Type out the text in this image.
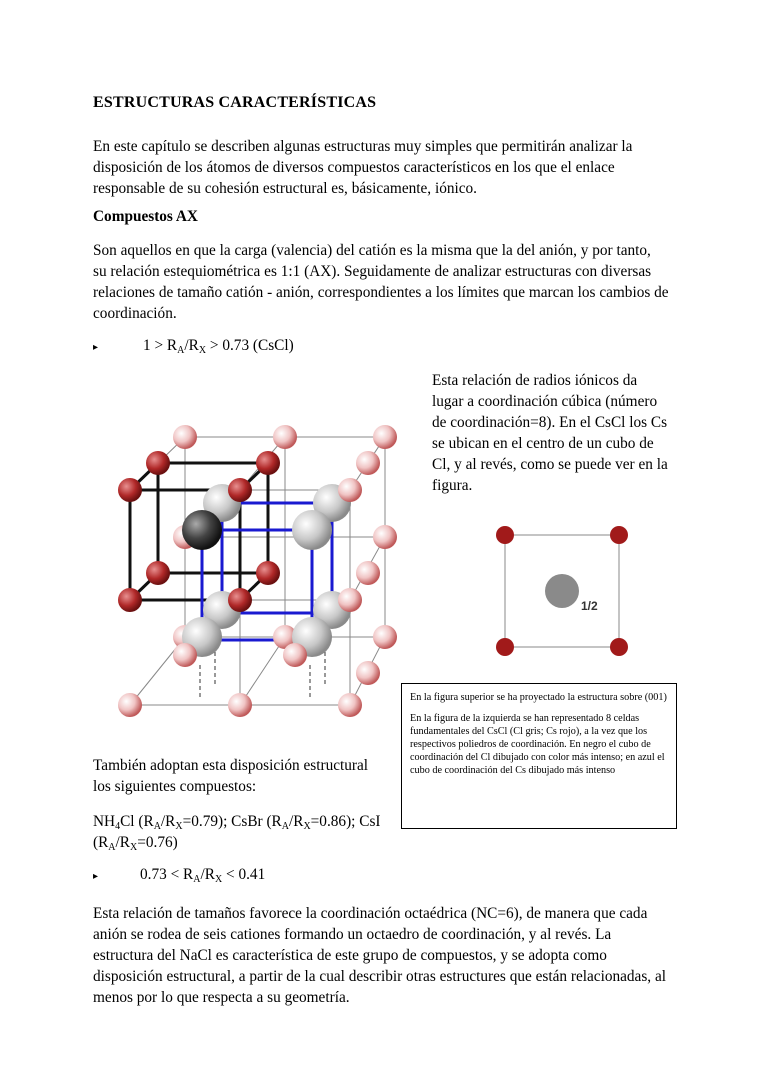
ESTRUCTURAS CARACTERÍSTICAS
En este capítulo se describen algunas estructuras muy simples que permitirán analizar la
disposición de los átomos de diversos compuestos característicos en los que el enlace
responsable de su cohesión estructural es, básicamente, iónico.
Compuestos AX
Son aquellos en que la carga (valencia) del catión es la misma que la del anión, y por tanto,
su relación estequiométrica es 1:1 (AX). Seguidamente de analizar estructuras con diversas
relaciones de tamaño catión - anión, correspondientes a los límites que marcan los cambios de
coordinación.
▸	$1 > R_A/R_X > 0.73$ (CsCl)
Esta relación de radios iónicos da
lugar a coordinación cúbica (número
de coordinación=8). En el CsCl los Cs
se ubican en el centro de un cubo de
Cl, y al revés, como se puede ver en la
figura.
1/2

En la figura superior se ha proyectado la estructura sobre (001)

En la figura de la izquierda se han representado 8 celdas fundamentales del CsCl (Cl gris; Cs rojo), a la vez que los respectivos poliedros de coordinación. En negro el cubo de coordinación del Cl dibujado con color más intenso; en azul el cubo de coordinación del Cs dibujado más intenso

También adoptan esta disposición estructural
los siguientes compuestos:
$NH_4Cl$ $(R_A/R_X=0.79)$; CsBr $(R_A/R_X=0.86)$; CsI
$(R_A/R_X=0.76)$
▸	$0.73 < R_A/R_X < 0.41$
Esta relación de tamaños favorece la coordinación octaédrica (NC=6), de manera que cada
anión se rodea de seis cationes formando un octaedro de coordinación, y al revés. La
estructura del NaCl es característica de este grupo de compuestos, y se adopta como
disposición estructural, a partir de la cual describir otras estructures que están relacionadas, al
menos por lo que respecta a su geometría.
